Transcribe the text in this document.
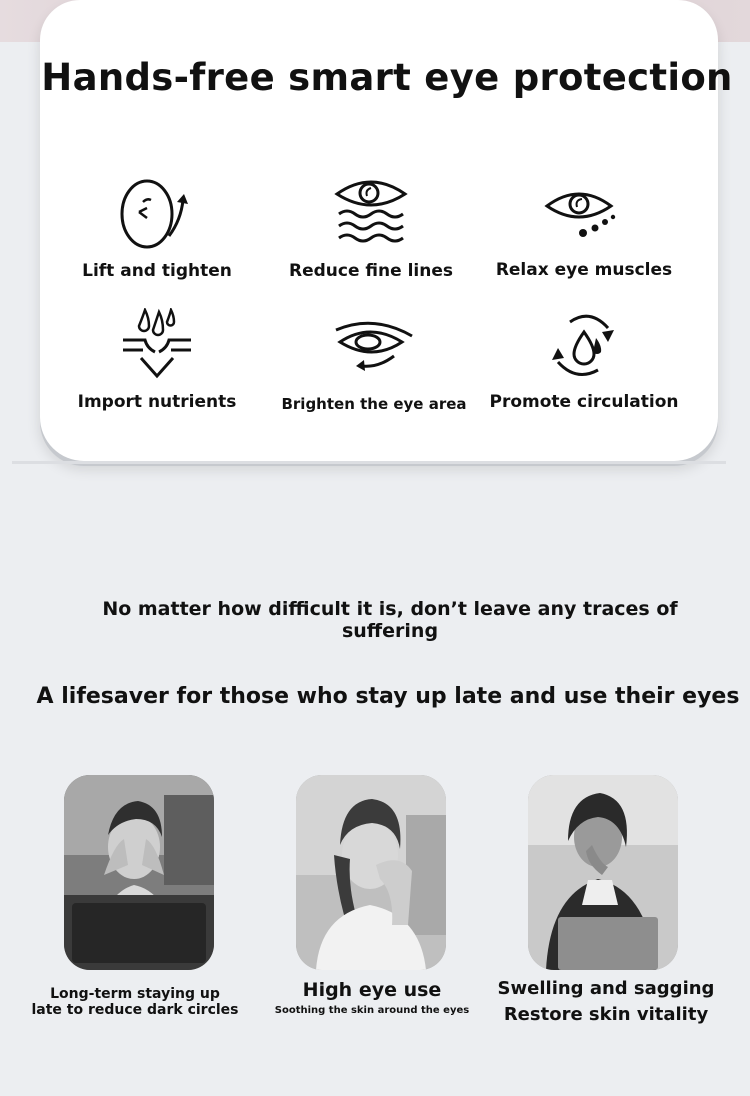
Hands-free smart eye protection
Lift and tighten	Reduce fine lines	Relax eye muscles
Import nutrients	Brighten the eye area	Promote circulation
No matter how difficult it is, don’t leave any traces of
suffering
A lifesaver for those who stay up late and use their eyes
Long-term staying up
late to reduce dark circles
High eye use
Soothing the skin around the eyes
Swelling and sagging
Restore skin vitality
